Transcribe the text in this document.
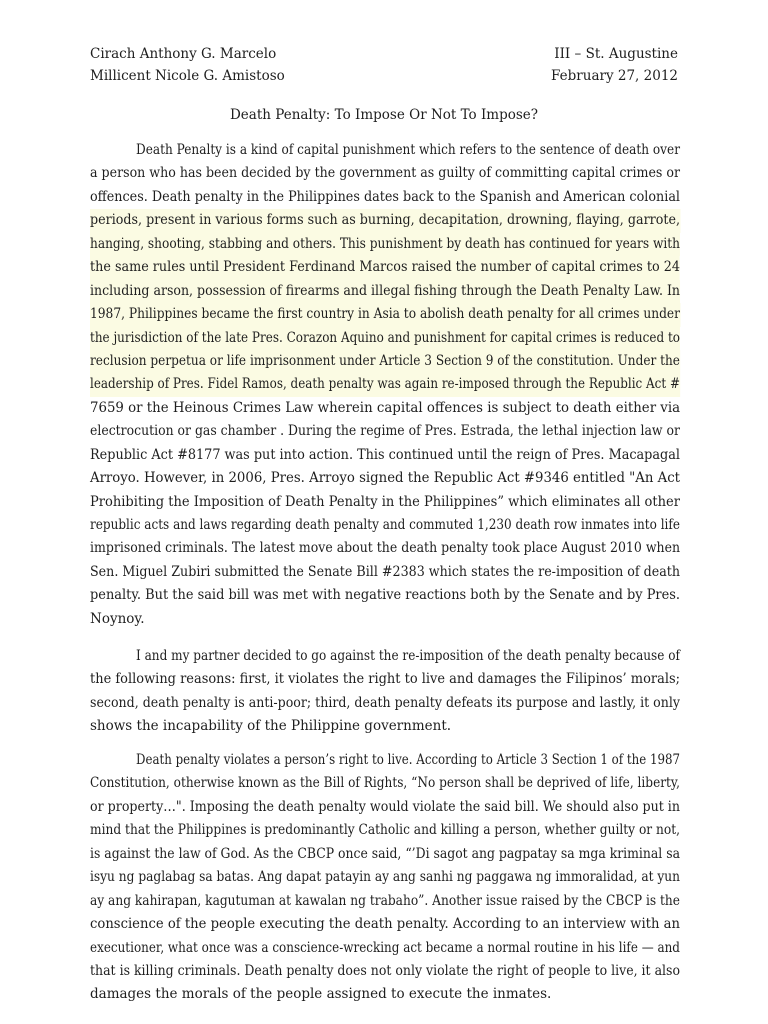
Cirach Anthony G. Marcelo	III – St. Augustine
Millicent Nicole G. Amistoso	February 27, 2012
Death Penalty: To Impose Or Not To Impose?
Death Penalty is a kind of capital punishment which refers to the sentence of death over
a person who has been decided by the government as guilty of committing capital crimes or
offences. Death penalty in the Philippines dates back to the Spanish and American colonial
periods, present in various forms such as burning, decapitation, drowning, flaying, garrote,
hanging, shooting, stabbing and others. This punishment by death has continued for years with
the same rules until President Ferdinand Marcos raised the number of capital crimes to 24
including arson, possession of firearms and illegal fishing through the Death Penalty Law. In
1987, Philippines became the first country in Asia to abolish death penalty for all crimes under
the jurisdiction of the late Pres. Corazon Aquino and punishment for capital crimes is reduced to
reclusion perpetua or life imprisonment under Article 3 Section 9 of the constitution. Under the
leadership of Pres. Fidel Ramos, death penalty was again re-imposed through the Republic Act #
7659 or the Heinous Crimes Law wherein capital offences is subject to death either via
electrocution or gas chamber . During the regime of Pres. Estrada, the lethal injection law or
Republic Act #8177 was put into action. This continued until the reign of Pres. Macapagal
Arroyo. However, in 2006, Pres. Arroyo signed the Republic Act #9346 entitled "An Act
Prohibiting the Imposition of Death Penalty in the Philippines” which eliminates all other
republic acts and laws regarding death penalty and commuted 1,230 death row inmates into life
imprisoned criminals. The latest move about the death penalty took place August 2010 when
Sen. Miguel Zubiri submitted the Senate Bill #2383 which states the re-imposition of death
penalty. But the said bill was met with negative reactions both by the Senate and by Pres.
Noynoy.
I and my partner decided to go against the re-imposition of the death penalty because of
the following reasons: first, it violates the right to live and damages the Filipinos’ morals;
second, death penalty is anti-poor; third, death penalty defeats its purpose and lastly, it only
shows the incapability of the Philippine government.
Death penalty violates a person’s right to live. According to Article 3 Section 1 of the 1987
Constitution, otherwise known as the Bill of Rights, “No person shall be deprived of life, liberty,
or property…". Imposing the death penalty would violate the said bill. We should also put in
mind that the Philippines is predominantly Catholic and killing a person, whether guilty or not,
is against the law of God. As the CBCP once said, “’Di sagot ang pagpatay sa mga kriminal sa
isyu ng paglabag sa batas. Ang dapat patayin ay ang sanhi ng paggawa ng immoralidad, at yun
ay ang kahirapan, kagutuman at kawalan ng trabaho”. Another issue raised by the CBCP is the
conscience of the people executing the death penalty. According to an interview with an
executioner, what once was a conscience-wrecking act became a normal routine in his life — and
that is killing criminals. Death penalty does not only violate the right of people to live, it also
damages the morals of the people assigned to execute the inmates.
